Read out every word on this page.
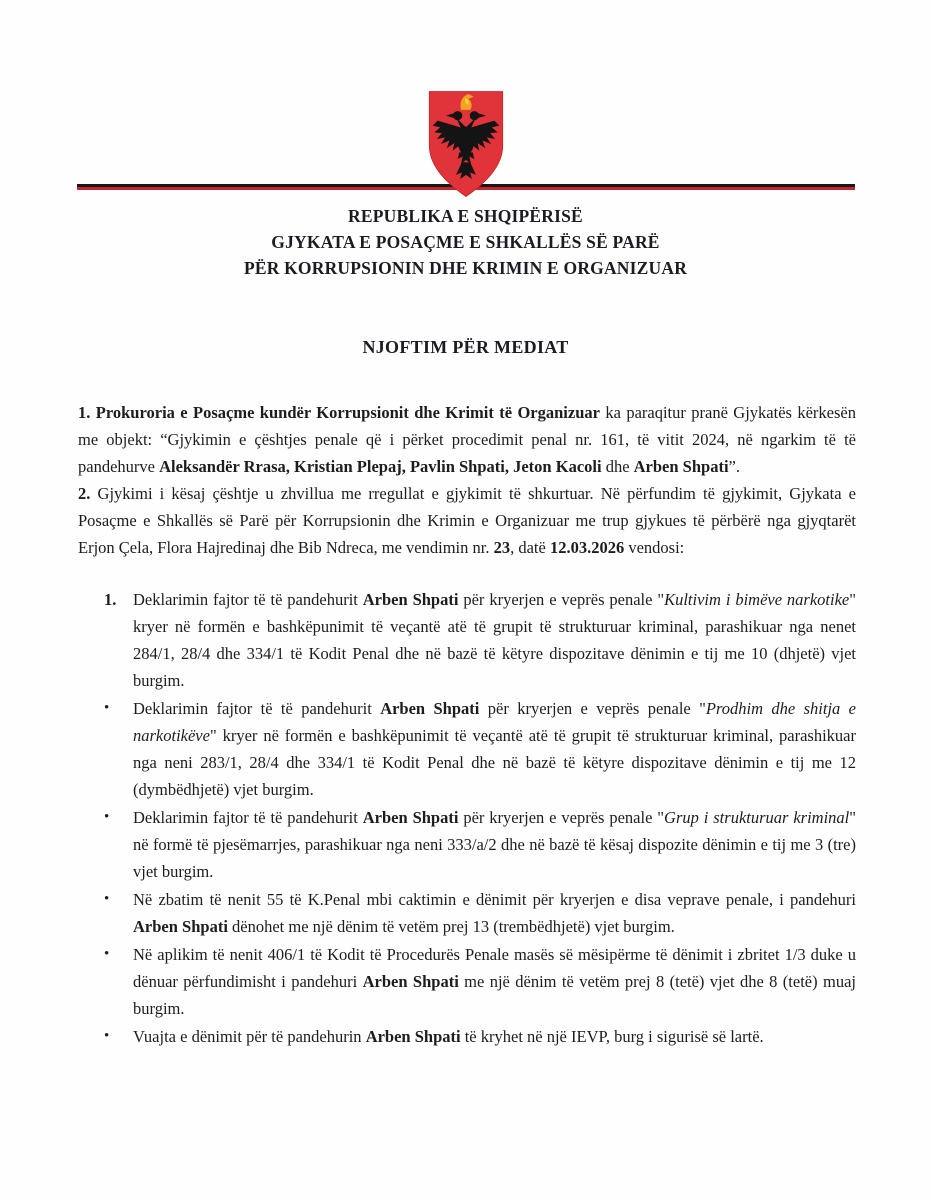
REPUBLIKA E SHQIPËRISË
GJYKATA E POSAÇME E SHKALLËS SË PARË
PËR KORRUPSIONIN DHE KRIMIN E ORGANIZUAR
NJOFTIM PËR MEDIAT

1. Prokuroria e Posaçme kundër Korrupsionit dhe Krimit të Organizuar ka paraqitur pranë Gjykatës kërkesën me objekt: “Gjykimin e çështjes penale që i përket procedimit penal nr. 161, të vitit 2024, në ngarkim të të pandehurve Aleksandër Rrasa, Kristian Plepaj, Pavlin Shpati, Jeton Kacoli dhe Arben Shpati”.

2. Gjykimi i kësaj çështje u zhvillua me rregullat e gjykimit të shkurtuar. Në përfundim të gjykimit, Gjykata e Posaçme e Shkallës së Parë për Korrupsionin dhe Krimin e Organizuar me trup gjykues të përbërë nga gjyqtarët Erjon Çela, Flora Hajredinaj dhe Bib Ndreca, me vendimin nr. 23, datë 12.03.2026 vendosi:

1. Deklarimin fajtor të të pandehurit Arben Shpati për kryerjen e veprës penale "Kultivim i bimëve narkotike" kryer në formën e bashkëpunimit të veçantë atë të grupit të strukturuar kriminal, parashikuar nga nenet 284/1, 28/4 dhe 334/1 të Kodit Penal dhe në bazë të këtyre dispozitave dënimin e tij me 10 (dhjetë) vjet burgim.
• Deklarimin fajtor të të pandehurit Arben Shpati për kryerjen e veprës penale "Prodhim dhe shitja e narkotikëve" kryer në formën e bashkëpunimit të veçantë atë të grupit të strukturuar kriminal, parashikuar nga neni 283/1, 28/4 dhe 334/1 të Kodit Penal dhe në bazë të këtyre dispozitave dënimin e tij me 12 (dymbëdhjetë) vjet burgim.
• Deklarimin fajtor të të pandehurit Arben Shpati për kryerjen e veprës penale "Grup i strukturuar kriminal" në formë të pjesëmarrjes, parashikuar nga neni 333/a/2 dhe në bazë të kësaj dispozite dënimin e tij me 3 (tre) vjet burgim.
• Në zbatim të nenit 55 të K.Penal mbi caktimin e dënimit për kryerjen e disa veprave penale, i pandehuri Arben Shpati dënohet me një dënim të vetëm prej 13 (trembëdhjetë) vjet burgim.
• Në aplikim të nenit 406/1 të Kodit të Procedurës Penale masës së mësipërme të dënimit i zbritet 1/3 duke u dënuar përfundimisht i pandehuri Arben Shpati me një dënim të vetëm prej 8 (tetë) vjet dhe 8 (tetë) muaj burgim.
• Vuajta e dënimit për të pandehurin Arben Shpati të kryhet në një IEVP, burg i sigurisë së lartë.
